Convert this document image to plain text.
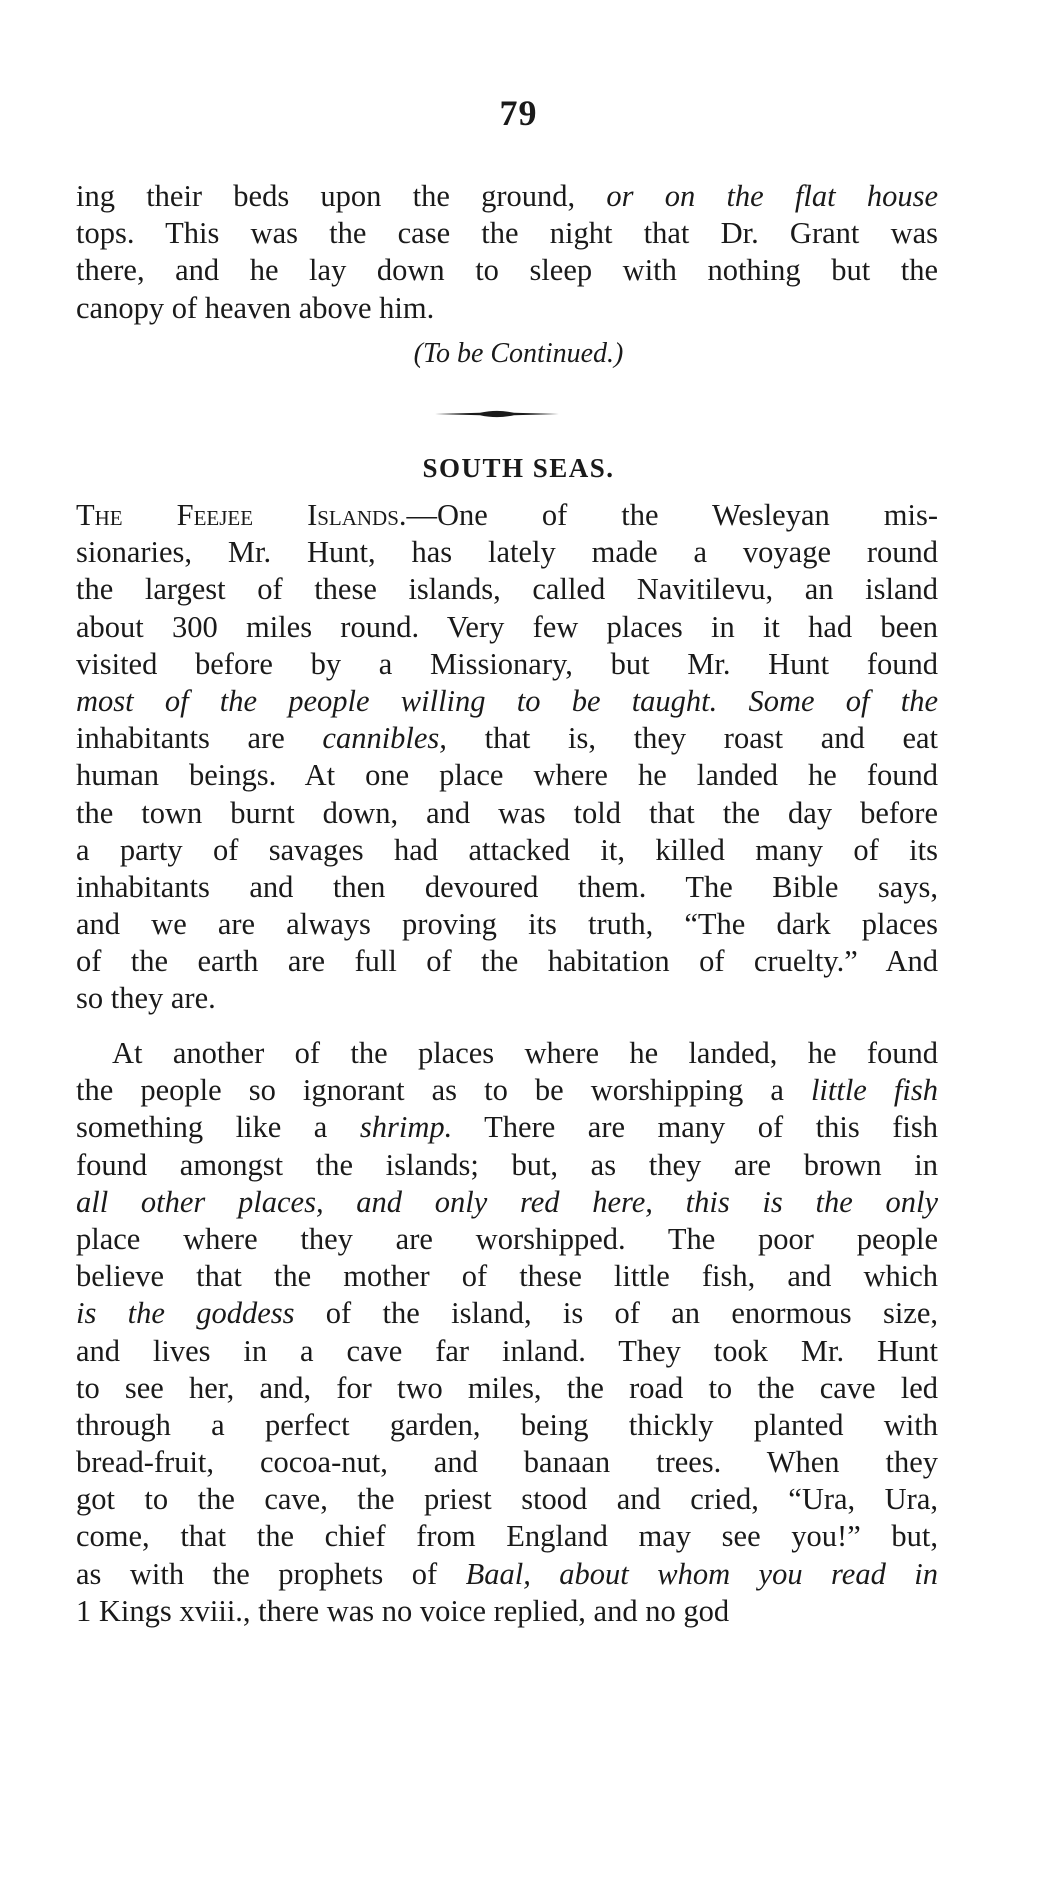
79
ing their beds upon the ground, or on the flat house
tops. This was the case the night that Dr. Grant was
there, and he lay down to sleep with nothing but the
canopy of heaven above him.
(To be Continued.)
SOUTH SEAS.
The Feejee Islands.—One of the Wesleyan mis-
sionaries, Mr. Hunt, has lately made a voyage round
the largest of these islands, called Navitilevu, an island
about 300 miles round. Very few places in it had been
visited before by a Missionary, but Mr. Hunt found
most of the people willing to be taught. Some of the
inhabitants are cannibles, that is, they roast and eat
human beings. At one place where he landed he found
the town burnt down, and was told that the day before
a party of savages had attacked it, killed many of its
inhabitants and then devoured them. The Bible says,
and we are always proving its truth, “The dark places
of the earth are full of the habitation of cruelty.” And
so they are.
At another of the places where he landed, he found
the people so ignorant as to be worshipping a little fish
something like a shrimp. There are many of this fish
found amongst the islands; but, as they are brown in
all other places, and only red here, this is the only
place where they are worshipped. The poor people
believe that the mother of these little fish, and which
is the goddess of the island, is of an enormous size,
and lives in a cave far inland. They took Mr. Hunt
to see her, and, for two miles, the road to the cave led
through a perfect garden, being thickly planted with
bread-fruit, cocoa-nut, and banaan trees. When they
got to the cave, the priest stood and cried, “Ura, Ura,
come, that the chief from England may see you!” but,
as with the prophets of Baal, about whom you read in
1 Kings xviii., there was no voice replied, and no god
